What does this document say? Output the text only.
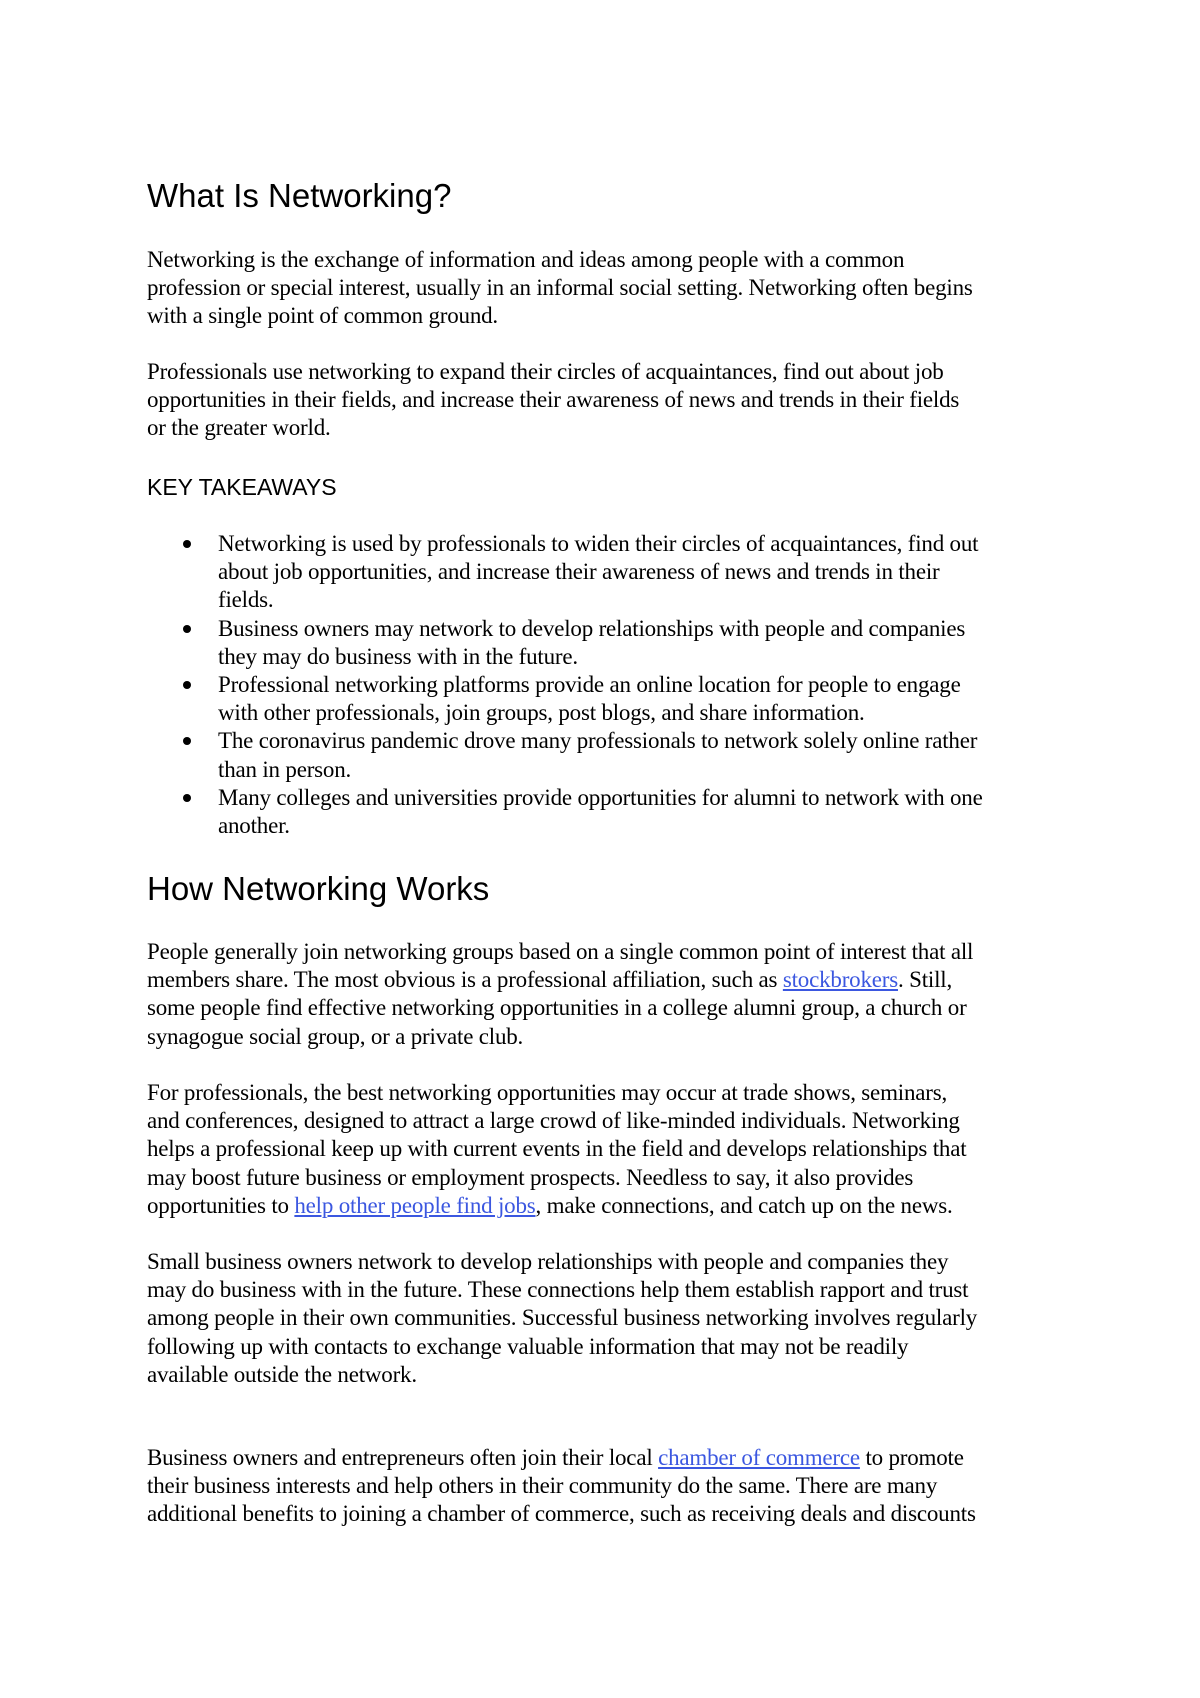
What Is Networking?
Networking is the exchange of information and ideas among people with a common
profession or special interest, usually in an informal social setting. Networking often begins
with a single point of common ground.
Professionals use networking to expand their circles of acquaintances, find out about job
opportunities in their fields, and increase their awareness of news and trends in their fields
or the greater world.
KEY TAKEAWAYS
Networking is used by professionals to widen their circles of acquaintances, find out
about job opportunities, and increase their awareness of news and trends in their
fields.
Business owners may network to develop relationships with people and companies
they may do business with in the future.
Professional networking platforms provide an online location for people to engage
with other professionals, join groups, post blogs, and share information.
The coronavirus pandemic drove many professionals to network solely online rather
than in person.
Many colleges and universities provide opportunities for alumni to network with one
another.
How Networking Works
People generally join networking groups based on a single common point of interest that all
members share. The most obvious is a professional affiliation, such as stockbrokers. Still,
some people find effective networking opportunities in a college alumni group, a church or
synagogue social group, or a private club.
For professionals, the best networking opportunities may occur at trade shows, seminars,
and conferences, designed to attract a large crowd of like-minded individuals. Networking
helps a professional keep up with current events in the field and develops relationships that
may boost future business or employment prospects. Needless to say, it also provides
opportunities to help other people find jobs, make connections, and catch up on the news.
Small business owners network to develop relationships with people and companies they
may do business with in the future. These connections help them establish rapport and trust
among people in their own communities. Successful business networking involves regularly
following up with contacts to exchange valuable information that may not be readily
available outside the network.
Business owners and entrepreneurs often join their local chamber of commerce to promote
their business interests and help others in their community do the same. There are many
additional benefits to joining a chamber of commerce, such as receiving deals and discounts
